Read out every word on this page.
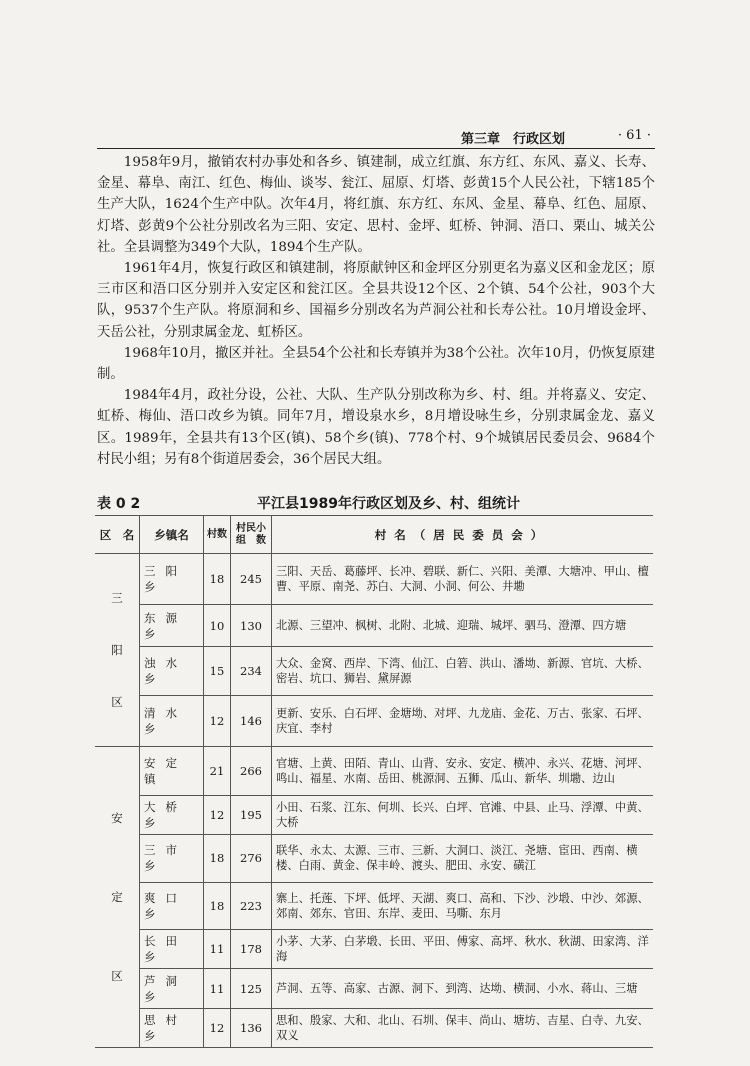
第三章　行政区划	· 61 ·

1958年9月，撤销农村办事处和各乡、镇建制，成立红旗、东方红、东风、嘉义、长寿、金星、幕阜、南江、红色、梅仙、谈岑、瓮江、屈原、灯塔、彭黄15个人民公社，下辖185个生产大队，1624个生产中队。次年4月，将红旗、东方红、东风、金星、幕阜、红色、屈原、灯塔、彭黄9个公社分别改名为三阳、安定、思村、金坪、虹桥、钟洞、浯口、栗山、城关公社。全县调整为349个大队，1894个生产队。

1961年4月，恢复行政区和镇建制，将原献钟区和金坪区分别更名为嘉义区和金龙区；原三市区和浯口区分别并入安定区和瓮江区。全县共设12个区、2个镇、54个公社，903个大队，9537个生产队。将原洞和乡、国福乡分别改名为芦洞公社和长寿公社。10月增设金坪、天岳公社，分别隶属金龙、虹桥区。

1968年10月，撤区并社。全县54个公社和长寿镇并为38个公社。次年10月，仍恢复原建制。

1984年4月，政社分设，公社、大队、生产队分别改称为乡、村、组。并将嘉义、安定、虹桥、梅仙、浯口改乡为镇。同年7月，增设泉水乡，8月增设咏生乡，分别隶属金龙、嘉义区。1989年，全县共有13个区(镇)、58个乡(镇)、778个村、9个城镇居民委员会、9684个村民小组；另有8个街道居委会，36个居民大组。

表 0 2	平江县1989年行政区划及乡、村、组统计
区　名	乡镇名	村数	村民小组　数	村名（居民委员会）

三
阳
区	三阳乡	18	245	三阳、天岳、葛藤坪、长冲、碧联、新仁、兴阳、美潭、大塘冲、甲山、檀曹、平原、南尧、苏白、大洞、小洞、何公、井墈
	东源乡	10	130	北源、三望冲、枫树、北附、北城、迎瑞、城坪、驷马、澄潭、四方塘
	浊水乡	15	234	大众、金窝、西岸、下湾、仙江、白箬、洪山、潘坳、新源、官坑、大桥、密岩、坑口、狮岩、黛屏源
	清水乡	12	146	更新、安乐、白石坪、金塘坳、对坪、九龙庙、金花、万古、张家、石坪、庆宜、李村

安
定
区	安定镇	21	266	官塘、上黄、田陌、青山、山背、安永、安定、横冲、永兴、花塘、河坪、鸣山、福星、水南、岳田、桃源洞、五狮、瓜山、新华、圳墈、边山
	大桥乡	12	195	小田、石浆、江东、何圳、长兴、白坪、官滩、中县、止马、浮潭、中黄、大桥
	三市乡	18	276	联华、永太、太源、三市、三新、大洞口、淡江、尧塘、宦田、西南、横楼、白雨、黄金、保丰岭、渡头、肥田、永安、磺江
	爽口乡	18	223	寨上、托莲、下坪、低坪、天湖、爽口、高和、下沙、沙塅、中沙、郊源、郊南、郊东、官田、东岸、麦田、马嘶、东月
	长田乡	11	178	小茅、大茅、白茅塅、长田、平田、傅家、高坪、秋水、秋湖、田家湾、洋海
	芦洞乡	11	125	芦洞、五等、高家、古源、洞下、到湾、达坳、横洞、小水、蒋山、三塘
	思村乡	12	136	思和、殷家、大和、北山、石圳、保丰、尚山、塘坊、吉星、白寺、九安、双义
